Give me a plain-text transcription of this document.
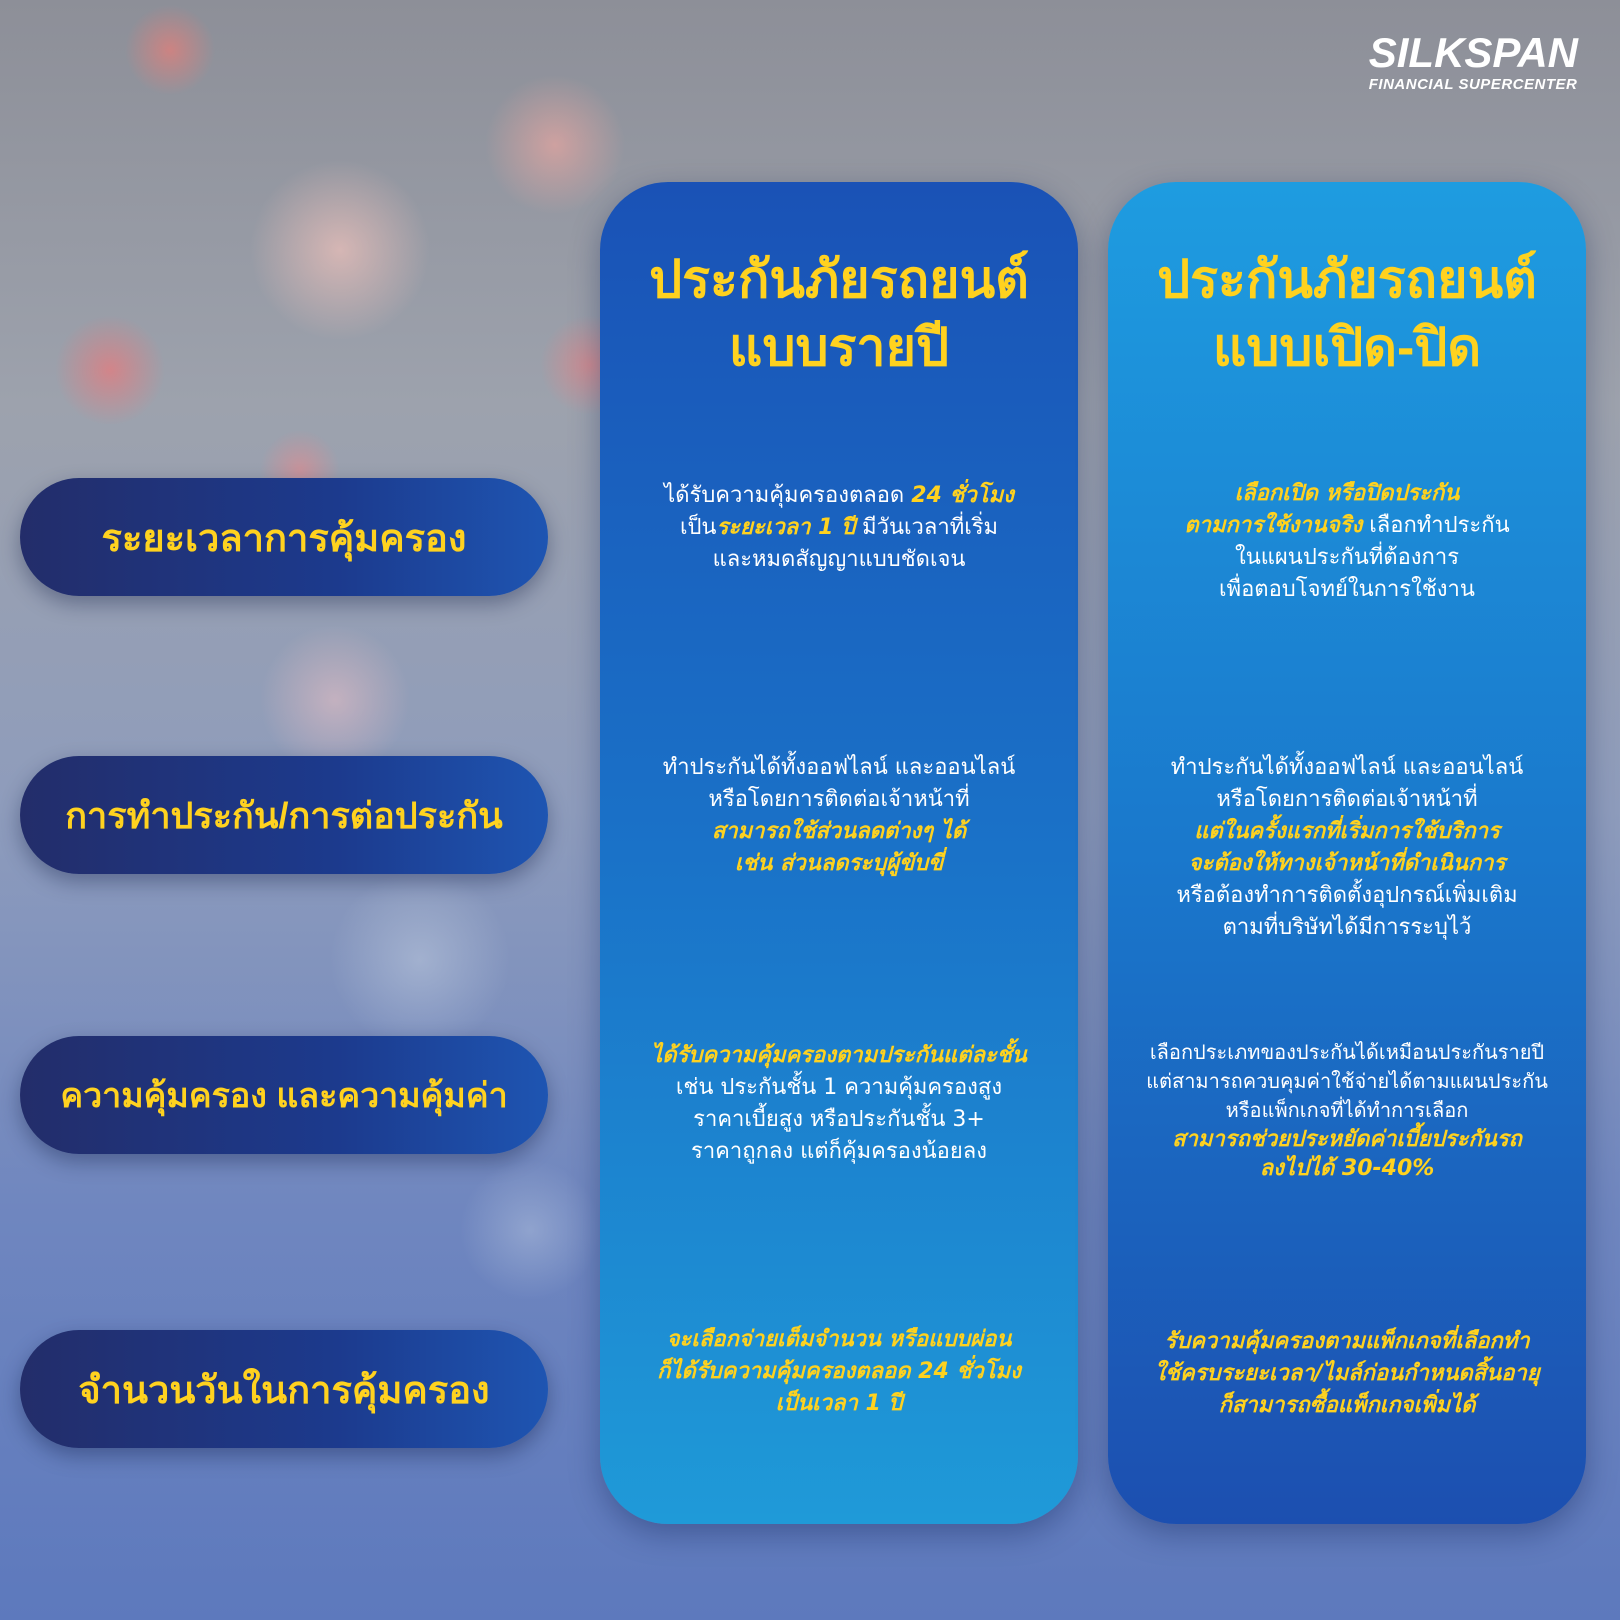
SILKSPAN
FINANCIAL SUPERCENTER
ประกันภัยรถยนต์
แบบรายปี
ได้รับความคุ้มครองตลอด 24 ชั่วโมง
เป็นระยะเวลา 1 ปี มีวันเวลาที่เริ่ม
และหมดสัญญาแบบชัดเจน
ทำประกันได้ทั้งออฟไลน์ และออนไลน์
หรือโดยการติดต่อเจ้าหน้าที่
สามารถใช้ส่วนลดต่างๆ ได้
เช่น ส่วนลดระบุผู้ขับขี่
ได้รับความคุ้มครองตามประกันแต่ละชั้น
เช่น ประกันชั้น 1 ความคุ้มครองสูง
ราคาเบี้ยสูง หรือประกันชั้น 3+
ราคาถูกลง แต่ก็คุ้มครองน้อยลง
จะเลือกจ่ายเต็มจำนวน หรือแบบผ่อน
ก็ได้รับความคุ้มครองตลอด 24 ชั่วโมง
เป็นเวลา 1 ปี
ประกันภัยรถยนต์
แบบเปิด-ปิด
เลือกเปิด หรือปิดประกัน
ตามการใช้งานจริง เลือกทำประกัน
ในแผนประกันที่ต้องการ
เพื่อตอบโจทย์ในการใช้งาน
ทำประกันได้ทั้งออฟไลน์ และออนไลน์
หรือโดยการติดต่อเจ้าหน้าที่
แต่ในครั้งแรกที่เริ่มการใช้บริการ
จะต้องให้ทางเจ้าหน้าที่ดำเนินการ
หรือต้องทำการติดตั้งอุปกรณ์เพิ่มเติม
ตามที่บริษัทได้มีการระบุไว้
เลือกประเภทของประกันได้เหมือนประกันรายปี
แต่สามารถควบคุมค่าใช้จ่ายได้ตามแผนประกัน
หรือแพ็กเกจที่ได้ทำการเลือก
สามารถช่วยประหยัดค่าเบี้ยประกันรถ
ลงไปได้ 30-40%
รับความคุ้มครองตามแพ็กเกจที่เลือกทำ
ใช้ครบระยะเวลา/ไมล์ก่อนกำหนดสิ้นอายุ
ก็สามารถซื้อแพ็กเกจเพิ่มได้
ระยะเวลาการคุ้มครอง
การทำประกัน/การต่อประกัน
ความคุ้มครอง และความคุ้มค่า
จำนวนวันในการคุ้มครอง
